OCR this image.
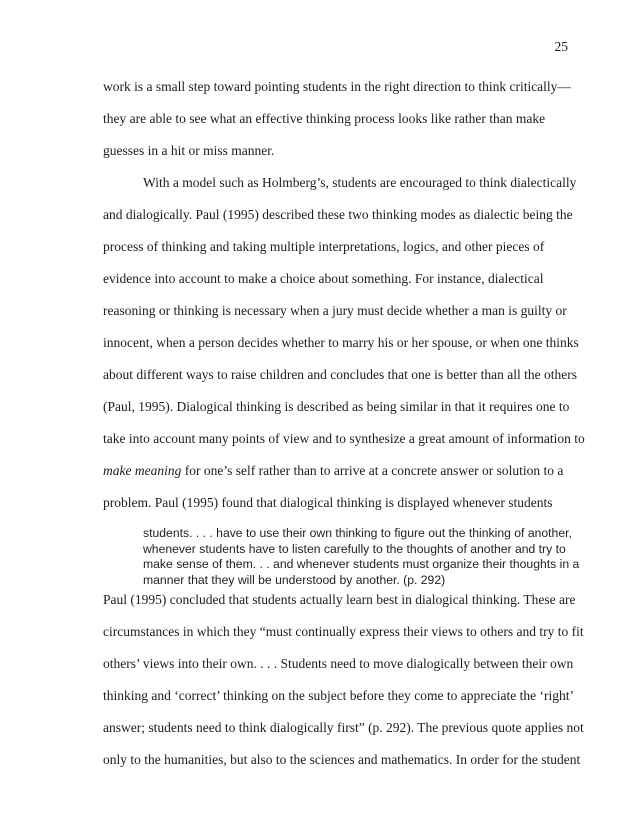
25
work is a small step toward pointing students in the right direction to think critically—
they are able to see what an effective thinking process looks like rather than make
guesses in a hit or miss manner.
With a model such as Holmberg’s, students are encouraged to think dialectically
and dialogically. Paul (1995) described these two thinking modes as dialectic being the
process of thinking and taking multiple interpretations, logics, and other pieces of
evidence into account to make a choice about something. For instance, dialectical
reasoning or thinking is necessary when a jury must decide whether a man is guilty or
innocent, when a person decides whether to marry his or her spouse, or when one thinks
about different ways to raise children and concludes that one is better than all the others
(Paul, 1995). Dialogical thinking is described as being similar in that it requires one to
take into account many points of view and to synthesize a great amount of information to
make meaning for one’s self rather than to arrive at a concrete answer or solution to a
problem. Paul (1995) found that dialogical thinking is displayed whenever students
students. . . . have to use their own thinking to figure out the thinking of another,
whenever students have to listen carefully to the thoughts of another and try to
make sense of them. . . and whenever students must organize their thoughts in a
manner that they will be understood by another. (p. 292)
Paul (1995) concluded that students actually learn best in dialogical thinking. These are
circumstances in which they “must continually express their views to others and try to fit
others’ views into their own. . . . Students need to move dialogically between their own
thinking and ‘correct’ thinking on the subject before they come to appreciate the ‘right’
answer; students need to think dialogically first” (p. 292). The previous quote applies not
only to the humanities, but also to the sciences and mathematics. In order for the student
